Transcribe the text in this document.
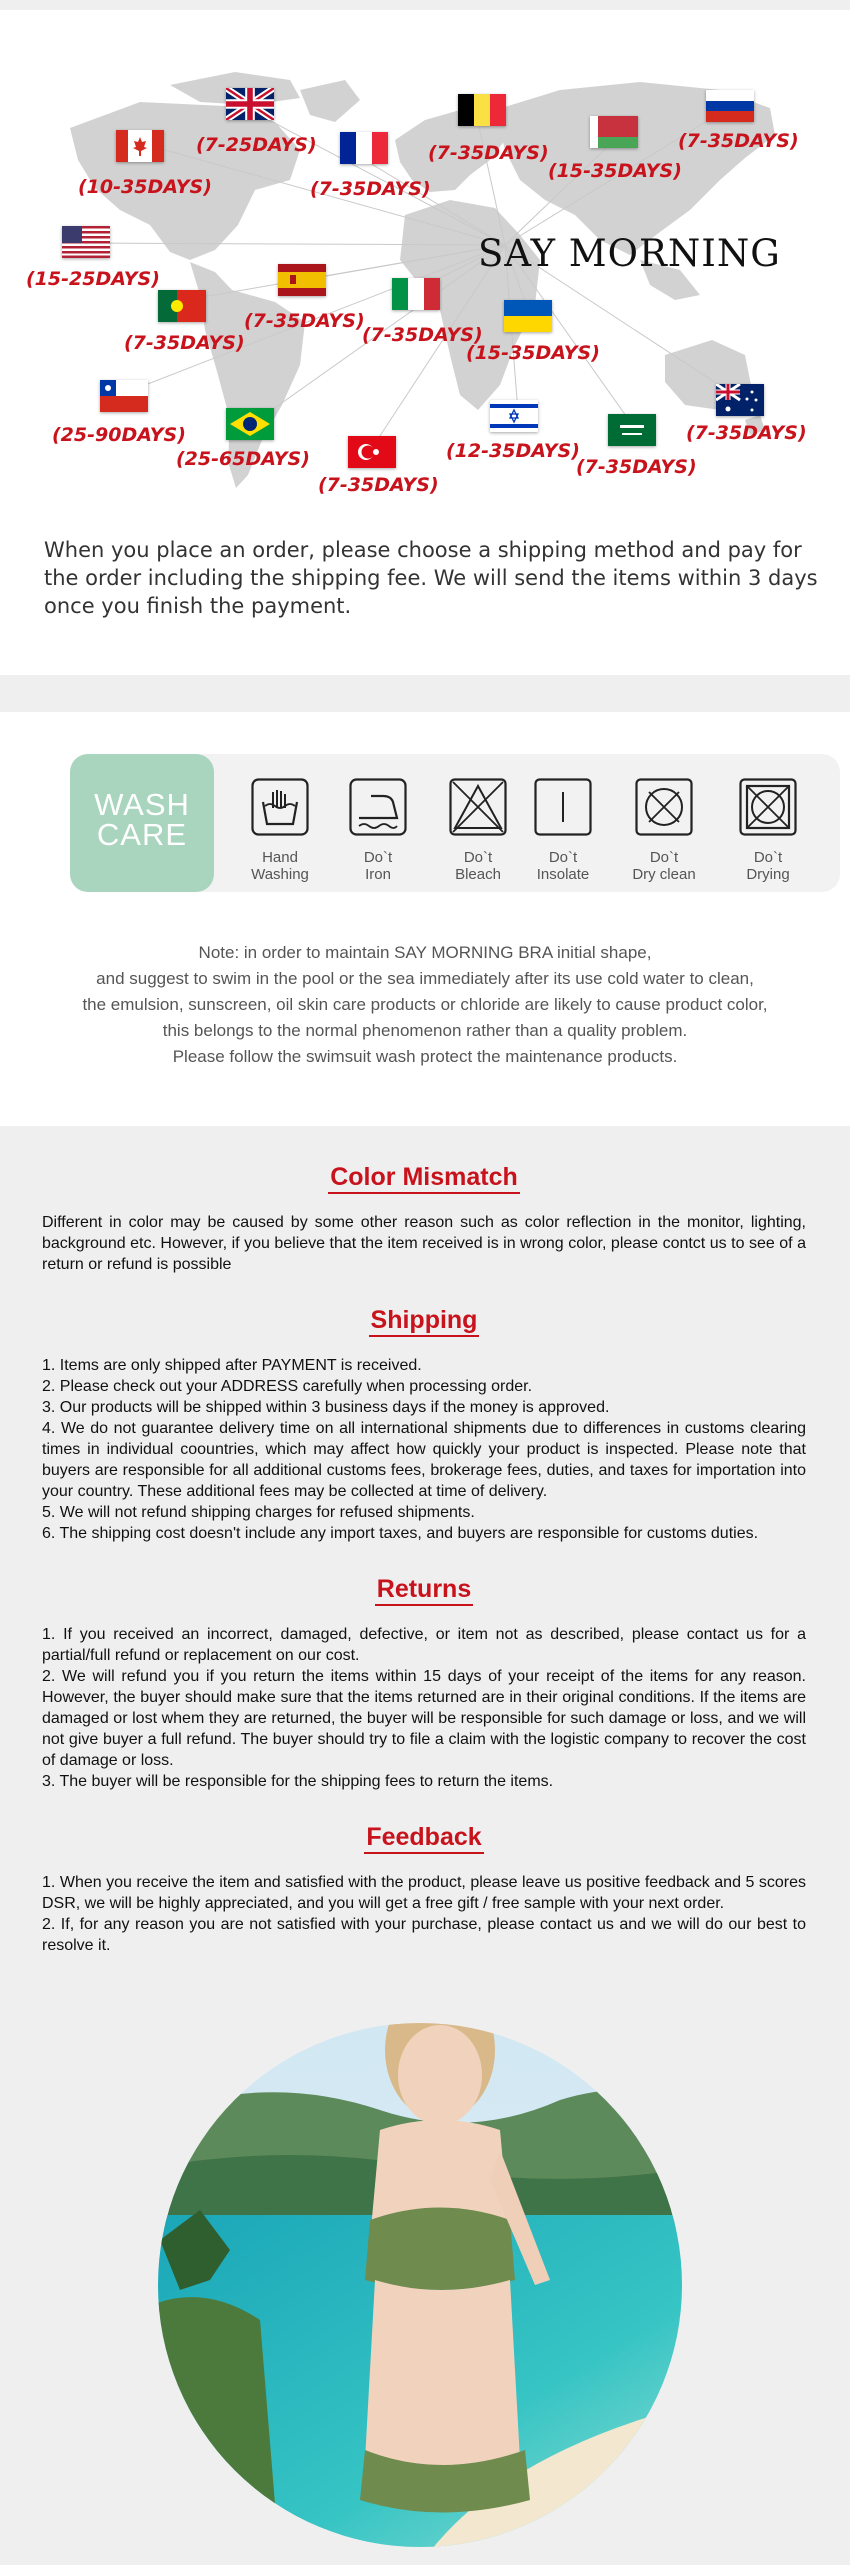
(7-25DAYS)
(10-35DAYS)	(7-35DAYS)
(7-35DAYS)
(15-35DAYS)
(7-35DAYS)
(15-25DAYS)
(7-35DAYS)
(7-35DAYS)	(7-35DAYS)
(15-35DAYS)
(25-90DAYS)
(25-65DAYS)
(7-35DAYS)
(12-35DAYS)
(7-35DAYS)
(7-35DAYS)
SAY MORNING

When you place an order, please choose a shipping method and pay for the order including the shipping fee. We will send the items within 3 days once you finish the payment.

WASH
CARE
Hand
Washing
Do`t
Iron
Do`t
Bleach
Do`t
Insolate
Do`t
Dry clean
Do`t
Drying
Note: in order to maintain SAY MORNING BRA initial shape,
and suggest to swim in the pool or the sea immediately after its use cold water to clean,
the emulsion, sunscreen, oil skin care products or chloride are likely to cause product color,
this belongs to the normal phenomenon rather than a quality problem.
Please follow the swimsuit wash protect the maintenance products.
Color Mismatch

Different in color may be caused by some other reason such as color reflection in the monitor, lighting, background etc. However, if you believe that the item received is in wrong color, please contct us to see of a return or refund is possible

Shipping

1. Items are only shipped after PAYMENT is received.

2. Please check out your ADDRESS carefully when processing order.

3. Our products will be shipped within 3 business days if the money is approved.

4. We do not guarantee delivery time on all international shipments due to differences in customs clearing times in individual coountries, which may affect how quickly your product is inspected. Please note that buyers are responsible for all additional customs fees, brokerage fees, duties, and taxes for importation into your country. These additional fees may be collected at time of delivery.

5. We will not refund shipping charges for refused shipments.

6. The shipping cost doesn't include any import taxes, and buyers are responsible for customs duties.

Returns

1. If you received an incorrect, damaged, defective, or item not as described, please contact us for a partial/full refund or replacement on our cost.

2. We will refund you if you return the items within 15 days of your receipt of the items for any reason. However, the buyer should make sure that the items returned are in their original conditions. If the items are damaged or lost whem they are returned, the buyer will be responsible for such damage or loss, and we will not give buyer a full refund. The buyer should try to file a claim with the logistic company to recover the cost of damage or loss.

3. The buyer will be responsible for the shipping fees to return the items.

Feedback

1. When you receive the item and satisfied with the product, please leave us positive feedback and 5 scores DSR, we will be highly appreciated, and you will get a free gift / free sample with your next order.

2. If, for any reason you are not satisfied with your purchase, please contact us and we will do our best to resolve it.
